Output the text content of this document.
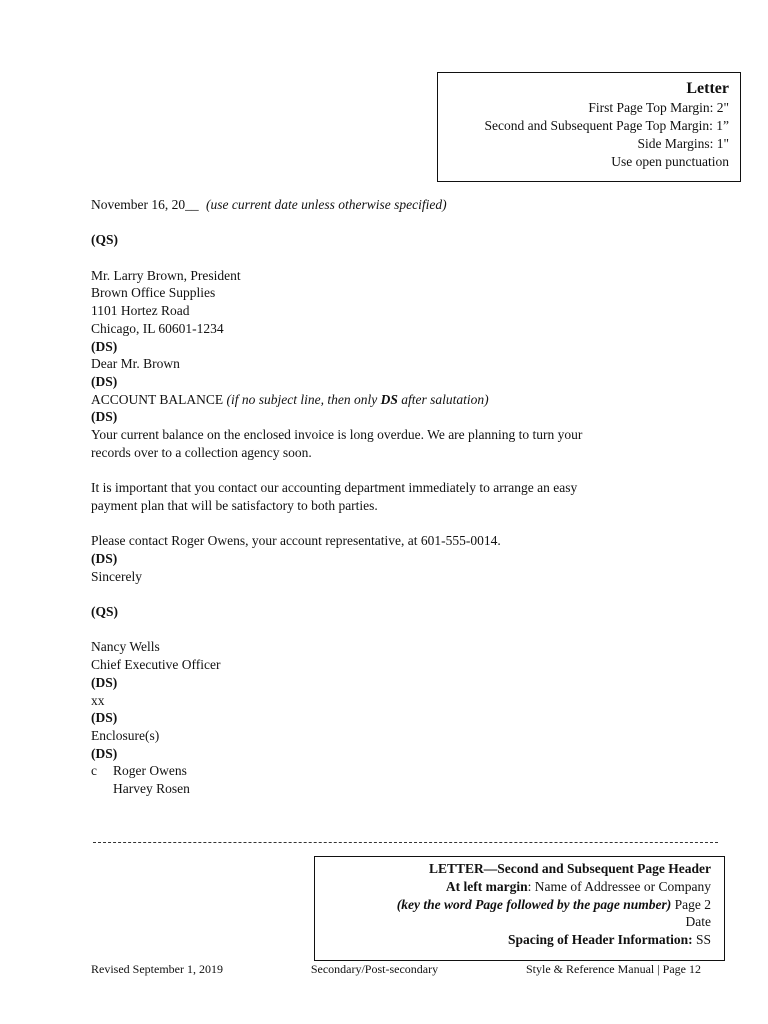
Letter
First Page Top Margin: 2"
Second and Subsequent Page Top Margin: 1”
Side Margins: 1"
Use open punctuation
November 16, 20__ (use current date unless otherwise specified)
(QS)
Mr. Larry Brown, President
Brown Office Supplies
1101 Hortez Road
Chicago, IL 60601-1234
(DS)
Dear Mr. Brown
(DS)
ACCOUNT BALANCE (if no subject line, then only DS after salutation)
(DS)
Your current balance on the enclosed invoice is long overdue. We are planning to turn your
records over to a collection agency soon.
It is important that you contact our accounting department immediately to arrange an easy
payment plan that will be satisfactory to both parties.
Please contact Roger Owens, your account representative, at 601-555-0014.
(DS)
Sincerely
(QS)
Nancy Wells
Chief Executive Officer
(DS)
xx
(DS)
Enclosure(s)
(DS)
c Roger Owens
Harvey Rosen
LETTER—Second and Subsequent Page Header
At left margin: Name of Addressee or Company
(key the word Page followed by the page number) Page 2
Date
Spacing of Header Information: SS
Revised September 1, 2019	Secondary/Post-secondary	Style & Reference Manual | Page 12
